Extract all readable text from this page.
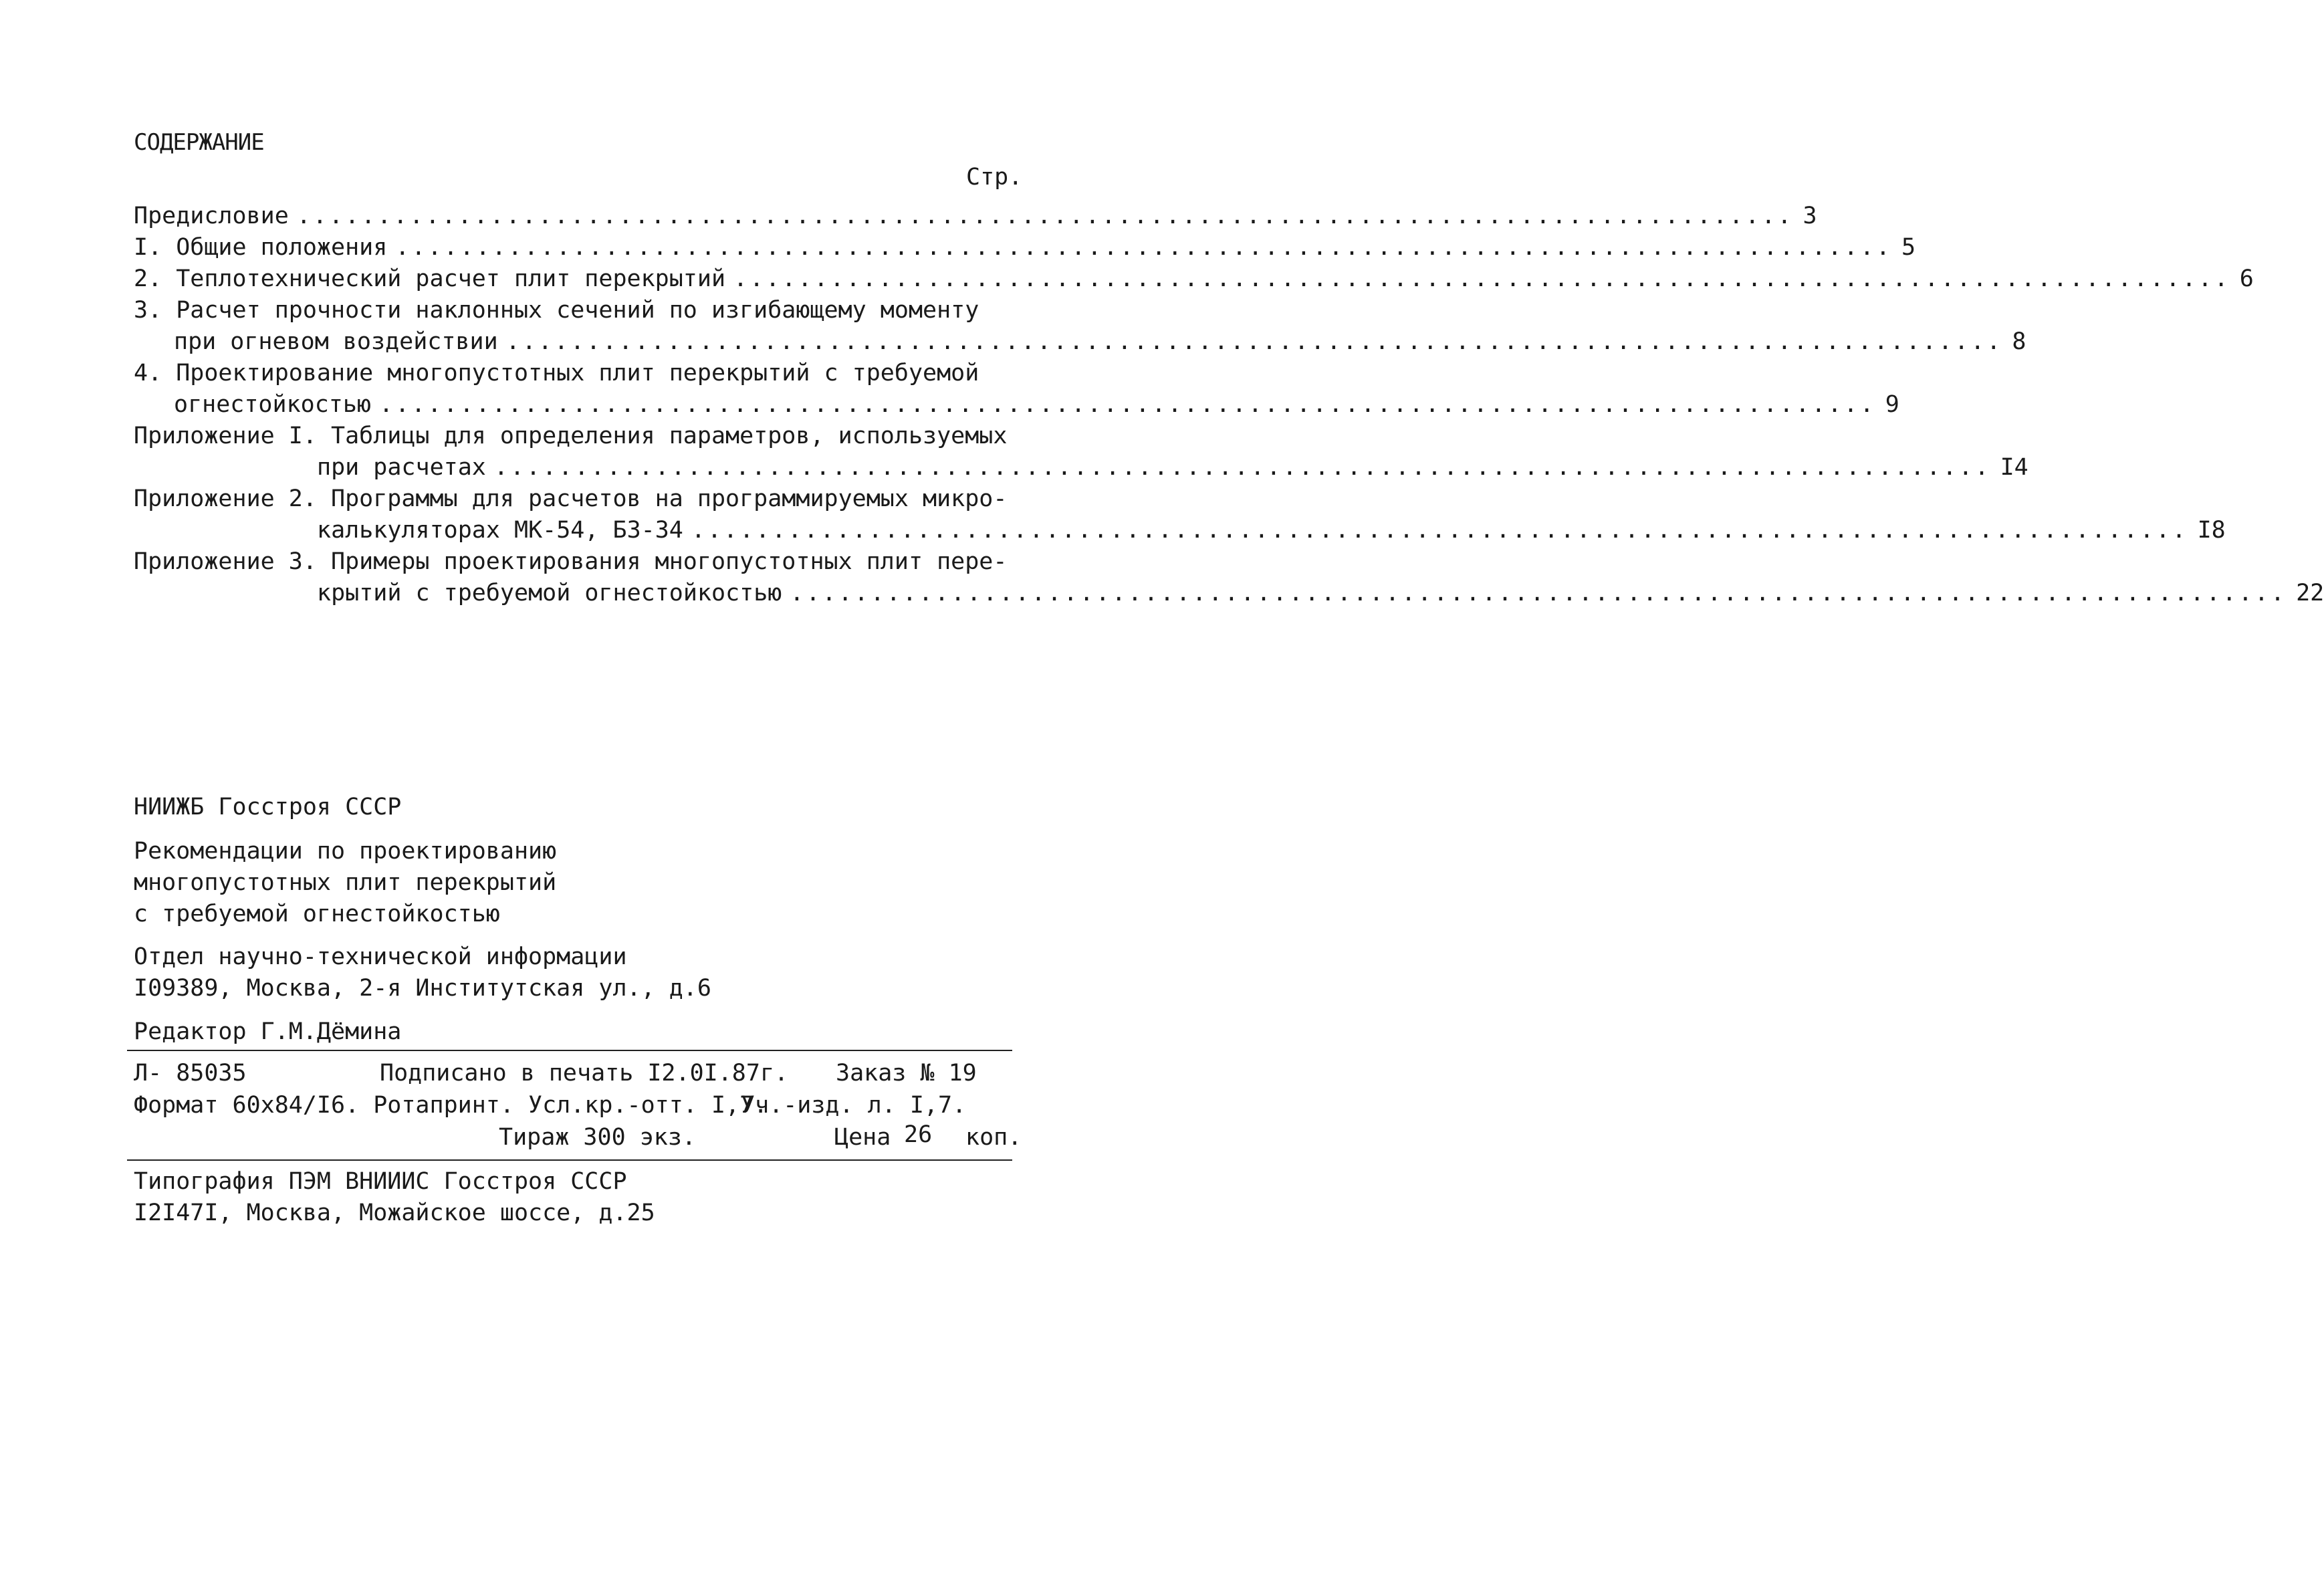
СОДЕРЖАНИЕ
Стр.
Предисловие ............................................................................................. 3
I. Общие положения ............................................................................................. 5
2. Теплотехнический расчет плит перекрытий ............................................................................................. 6
3. Расчет прочности наклонных сечений по изгибающему моменту
при огневом воздействии ............................................................................................. 8
4. Проектирование многопустотных плит перекрытий с требуемой
огнестойкостью ............................................................................................. 9
Приложение I. Таблицы для определения параметров, используемых
при расчетах ............................................................................................. I4
Приложение 2. Программы для расчетов на программируемых микро-
калькуляторах МК-54, БЗ-34 ............................................................................................. I8
Приложение 3. Примеры проектирования многопустотных плит пере-
крытий с требуемой огнестойкостью ............................................................................................. 22
НИИЖБ Госстроя СССР
Рекомендации по проектированию
многопустотных плит перекрытий
с требуемой огнестойкостью
Отдел научно-технической информации
I09389, Москва, 2-я Институтская ул., д.6
Редактор Г.М.Дёмина
Л- 85035	Подписано в печать I2.0I.87г. Заказ № 19
Формат 60х84/I6. Ротапринт. Усл.кр.-отт. I,7.
Уч.-изд. л. I,7.
Тираж 300 экз.	Цена 26 коп.
Типография ПЭМ ВНИИИС Госстроя СССР
I2I47I, Москва, Можайское шоссе, д.25
